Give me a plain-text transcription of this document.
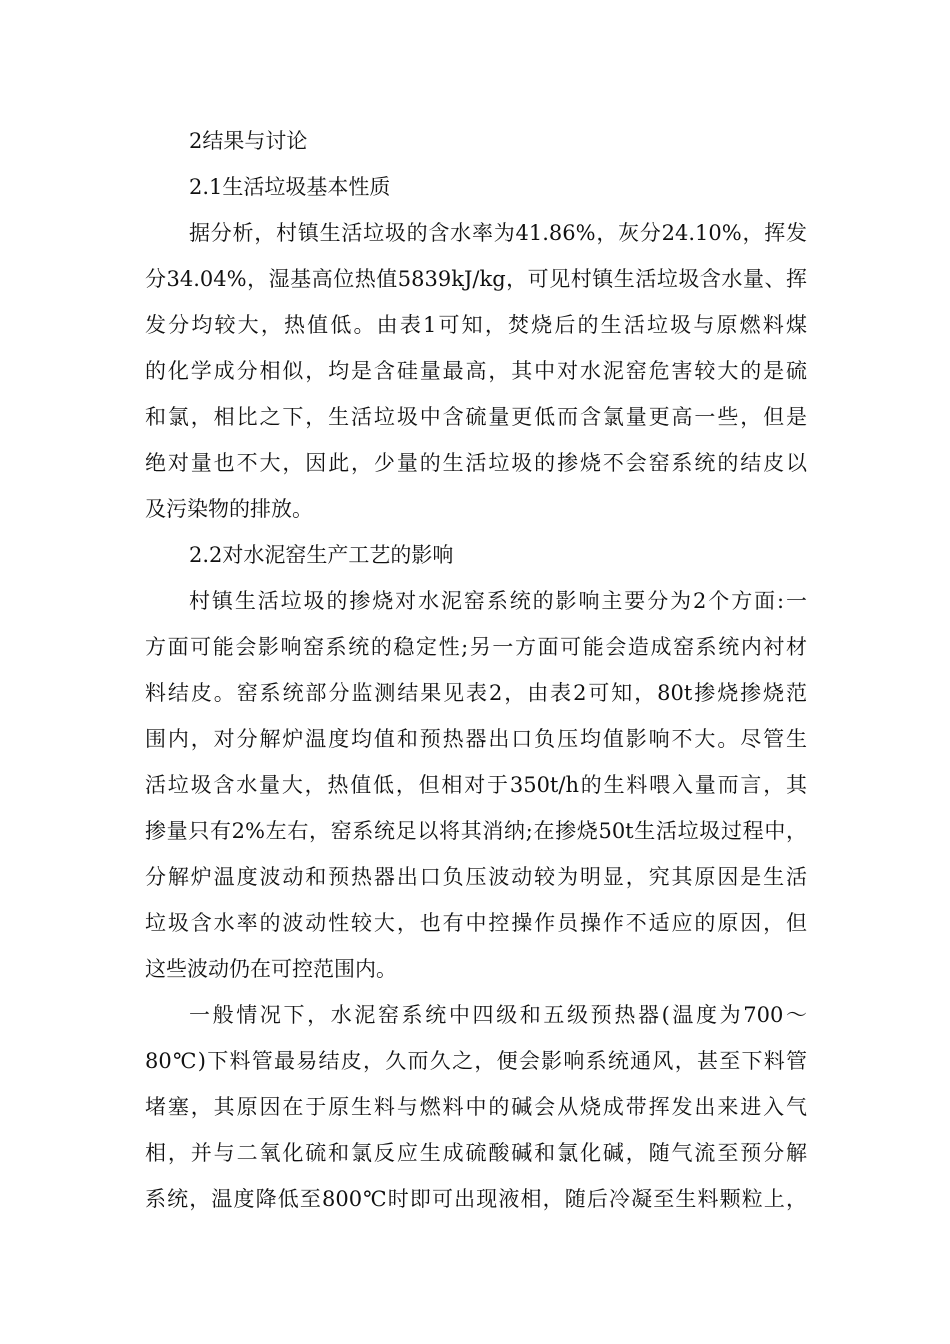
2结果与讨论

2.1生活垃圾基本性质

据分析，村镇生活垃圾的含水率为41.86%，灰分24.10%，挥发
分34.04%，湿基高位热值5839kJ/kg，可见村镇生活垃圾含水量、挥
发分均较大，热值低。由表1可知，焚烧后的生活垃圾与原燃料煤
的化学成分相似，均是含硅量最高，其中对水泥窑危害较大的是硫
和氯，相比之下，生活垃圾中含硫量更低而含氯量更高一些，但是
绝对量也不大，因此，少量的生活垃圾的掺烧不会窑系统的结皮以
及污染物的排放。

2.2对水泥窑生产工艺的影响

村镇生活垃圾的掺烧对水泥窑系统的影响主要分为2个方面:一
方面可能会影响窑系统的稳定性;另一方面可能会造成窑系统内衬材
料结皮。窑系统部分监测结果见表2，由表2可知，80t掺烧掺烧范
围内，对分解炉温度均值和预热器出口负压均值影响不大。尽管生
活垃圾含水量大，热值低，但相对于350t/h的生料喂入量而言，其
掺量只有2%左右，窑系统足以将其消纳;在掺烧50t生活垃圾过程中，
分解炉温度波动和预热器出口负压波动较为明显，究其原因是生活
垃圾含水率的波动性较大，也有中控操作员操作不适应的原因，但
这些波动仍在可控范围内。
一般情况下，水泥窑系统中四级和五级预热器(温度为700～
80℃)下料管最易结皮，久而久之，便会影响系统通风，甚至下料管
堵塞，其原因在于原生料与燃料中的碱会从烧成带挥发出来进入气
相，并与二氧化硫和氯反应生成硫酸碱和氯化碱，随气流至预分解
系统，温度降低至800℃时即可出现液相，随后冷凝至生料颗粒上，
